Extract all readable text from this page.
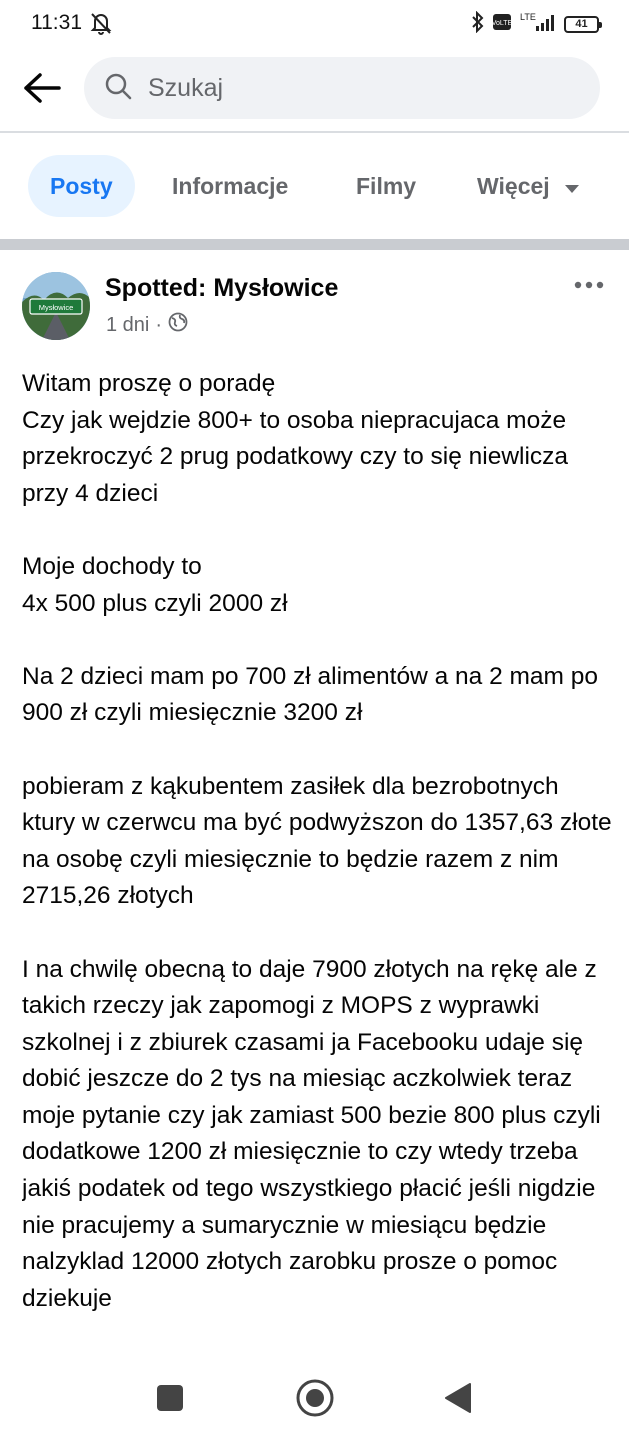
11:31	VoLTE
LTE
41
Szukaj
Posty	Informacje	Filmy	Więcej
Mysłowice
Spotted: Mysłowice
1 dni ·

Witam proszę o poradę
Czy jak wejdzie 800+ to osoba niepracujaca może przekroczyć 2 prug podatkowy czy to się niewlicza przy 4 dzieci

Moje dochody to
4x 500 plus czyli 2000 zł

Na 2 dzieci mam po 700 zł alimentów a na 2 mam po 900 zł czyli miesięcznie 3200 zł

pobieram z kąkubentem zasiłek dla bezrobotnych ktury w czerwcu ma być podwyższon do 1357,63 złote na osobę czyli miesięcznie to będzie razem z nim 2715,26 złotych

I na chwilę obecną to daje 7900 złotych na rękę ale z takich rzeczy jak zapomogi z MOPS z wyprawki szkolnej i z zbiurek czasami ja Facebooku udaje się dobić jeszcze do 2 tys na miesiąc aczkolwiek teraz moje pytanie czy jak zamiast 500 bezie 800 plus czyli dodatkowe 1200 zł miesięcznie to czy wtedy trzeba jakiś podatek od tego wszystkiego płacić jeśli nigdzie nie pracujemy a sumarycznie w miesiącu będzie nalzyklad 12000 złotych zarobku prosze o pomoc dziekuje
